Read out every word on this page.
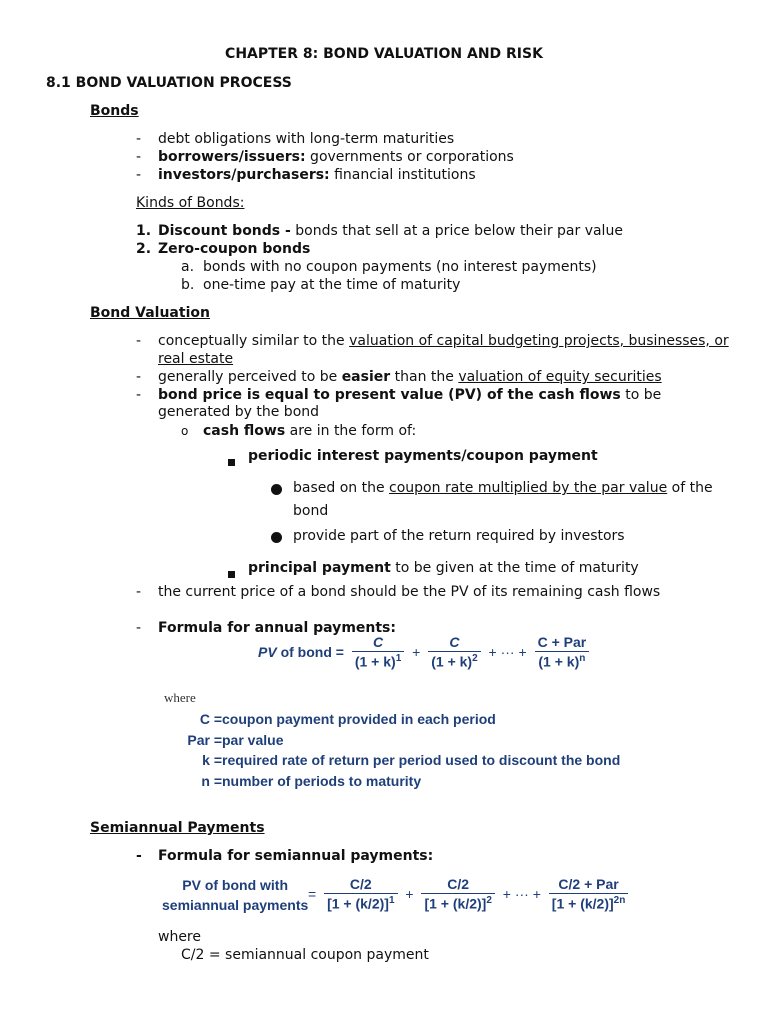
CHAPTER 8: BOND VALUATION AND RISK
8.1 BOND VALUATION PROCESS
Bonds
- debt obligations with long-term maturities
- borrowers/issuers: governments or corporations
- investors/purchasers: financial institutions
Kinds of Bonds:
1. Discount bonds - bonds that sell at a price below their par value
2. Zero-coupon bonds
a. bonds with no coupon payments (no interest payments)
b. one-time pay at the time of maturity
Bond Valuation
- conceptually similar to the valuation of capital budgeting projects, businesses, or
real estate
- generally perceived to be easier than the valuation of equity securities
- bond price is equal to present value (PV) of the cash flows to be
generated by the bond
o cash flows are in the form of:
periodic interest payments/coupon payment
based on the coupon rate multiplied by the par value of the
bond
provide part of the return required by investors
principal payment to be given at the time of maturity
- the current price of a bond should be the PV of its remaining cash flows
- Formula for annual payments:
PV of bond = $\frac{C}{(1 + k)^1} + \frac{C}{(1 + k)^2}$ + ··· + $\frac{\text{C + Par}}{(1 + k)^n}$
where
C = coupon payment provided in each period
Par = par value
k = required rate of return per period used to discount the bond
n = number of periods to maturity
Semiannual Payments
- Formula for semiannual payments:
PV of bond with
semiannual payments
= $\frac{C/2}{[1 + (k/2)]^1} + \frac{C/2}{[1 + (k/2)]^2}$ + ··· + $\frac{\text{C/2 + Par}}{[1 + (k/2)]^{2n}}$
where
C/2 = semiannual coupon payment
